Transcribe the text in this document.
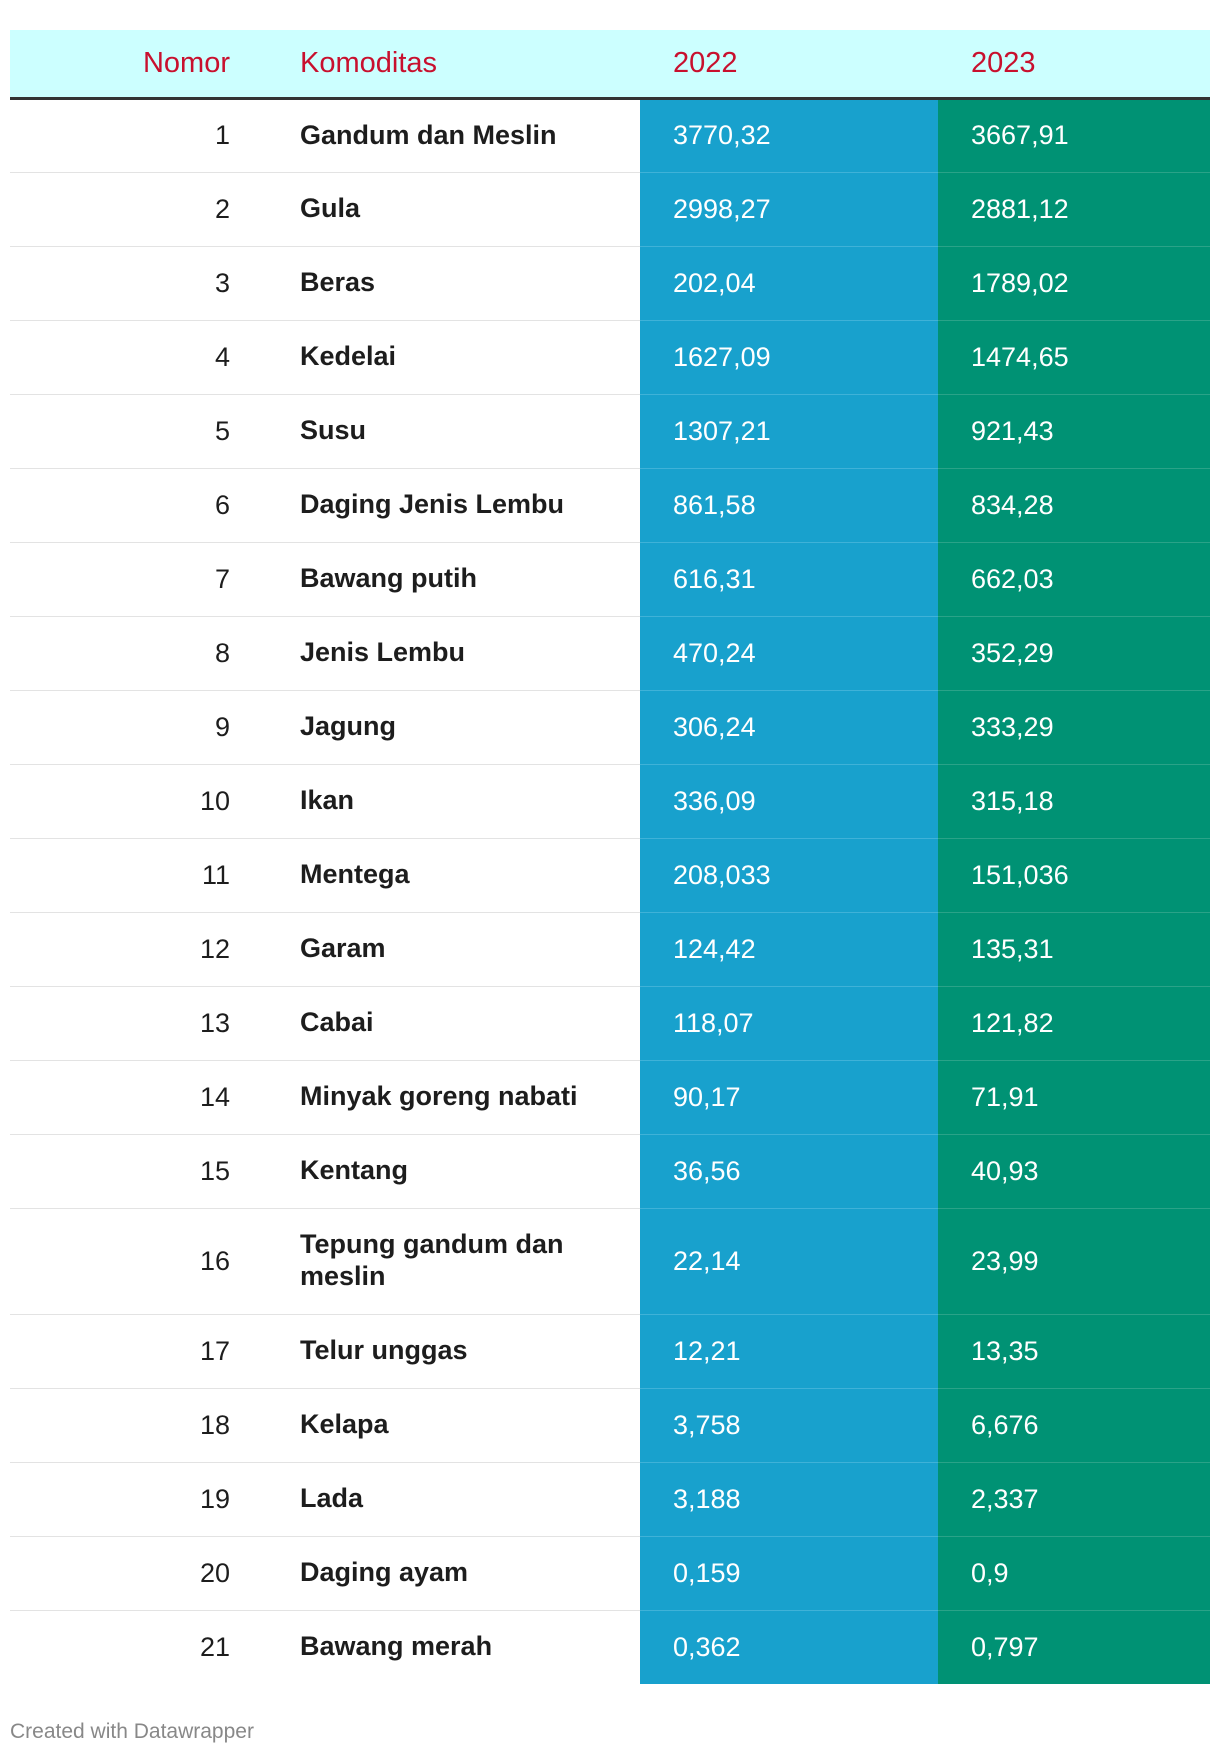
Nomor	Komoditas	2022	2023
1	Gandum dan Meslin	3770,32	3667,91
2	Gula	2998,27	2881,12
3	Beras	202,04	1789,02
4	Kedelai	1627,09	1474,65
5	Susu	1307,21	921,43
6	Daging Jenis Lembu	861,58	834,28
7	Bawang putih	616,31	662,03
8	Jenis Lembu	470,24	352,29
9	Jagung	306,24	333,29
10	Ikan	336,09	315,18
11	Mentega	208,033	151,036
12	Garam	124,42	135,31
13	Cabai	118,07	121,82
14	Minyak goreng nabati	90,17	71,91
15	Kentang	36,56	40,93
16	Tepung gandum dan meslin	22,14	23,99
17	Telur unggas	12,21	13,35
18	Kelapa	3,758	6,676
19	Lada	3,188	2,337
20	Daging ayam	0,159	0,9
21	Bawang merah	0,362	0,797
Created with Datawrapper
